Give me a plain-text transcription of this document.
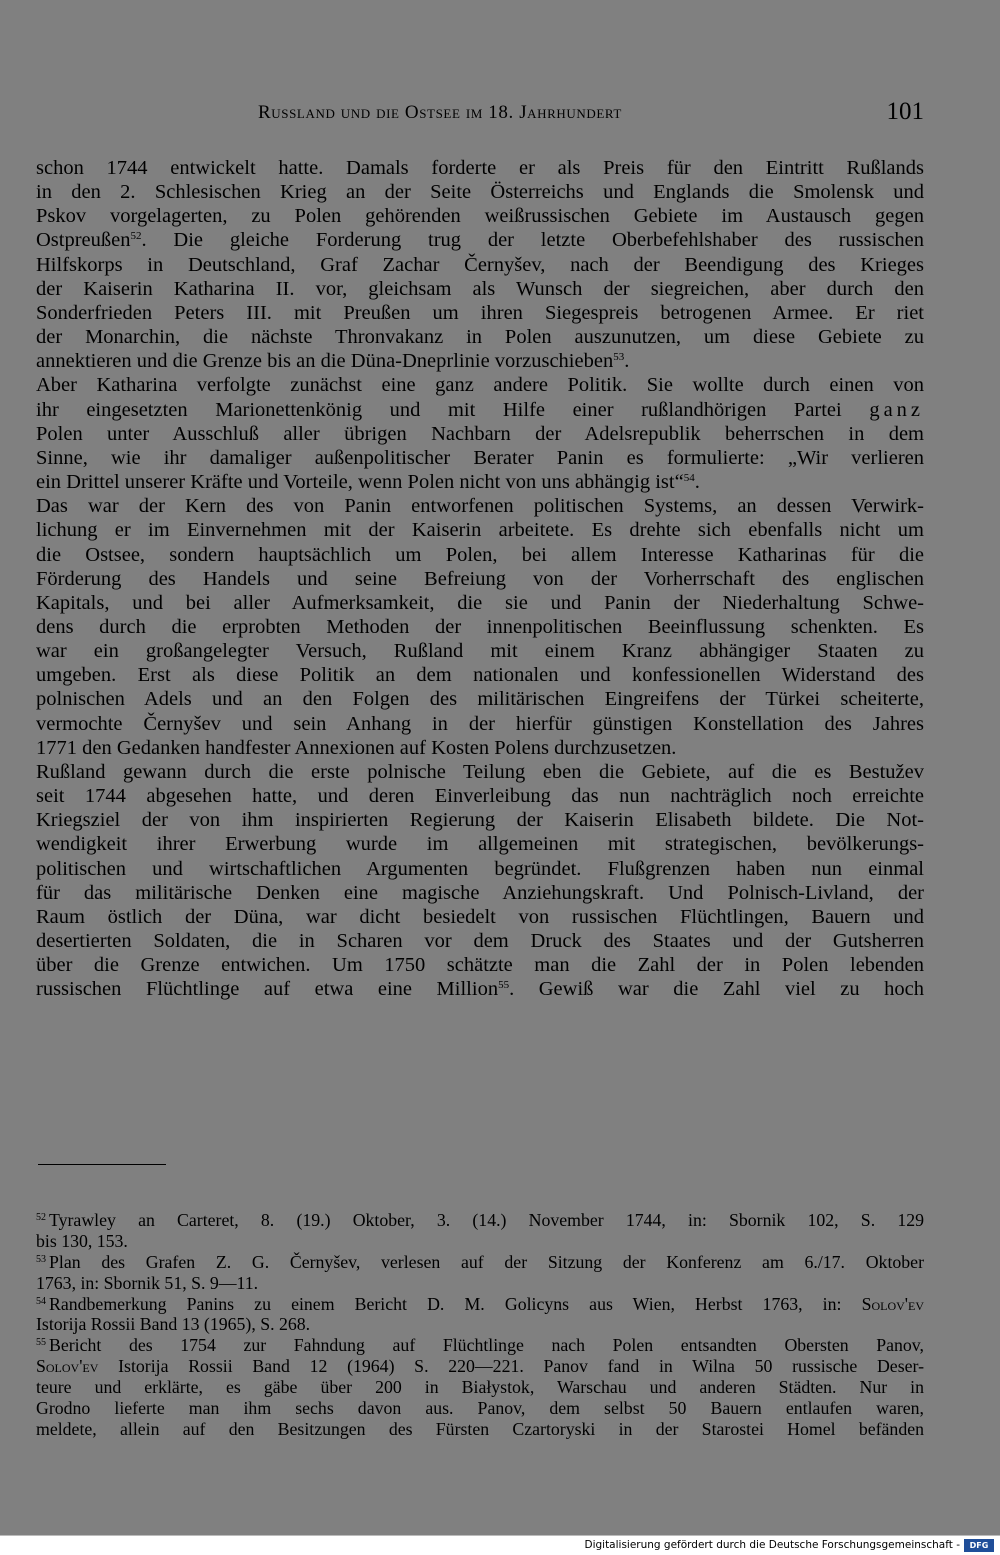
Russland und die Ostsee im 18. Jahrhundert	101
schon 1744 entwickelt hatte. Damals forderte er als Preis für den Eintritt Rußlands
in den 2. Schlesischen Krieg an der Seite Österreichs und Englands die Smolensk und
Pskov vorgelagerten, zu Polen gehörenden weißrussischen Gebiete im Austausch gegen
Ostpreußen$^{52}$. Die gleiche Forderung trug der letzte Oberbefehlshaber des russischen
Hilfskorps in Deutschland, Graf Zachar Černyšev, nach der Beendigung des Krieges
der Kaiserin Katharina II. vor, gleichsam als Wunsch der siegreichen, aber durch den
Sonderfrieden Peters III. mit Preußen um ihren Siegespreis betrogenen Armee. Er riet
der Monarchin, die nächste Thronvakanz in Polen auszunutzen, um diese Gebiete zu
annektieren und die Grenze bis an die Düna-Dneprlinie vorzuschieben$^{53}$.
Aber Katharina verfolgte zunächst eine ganz andere Politik. Sie wollte durch einen von
ihr eingesetzten Marionettenkönig und mit Hilfe einer rußlandhörigen Partei ganz
Polen unter Ausschluß aller übrigen Nachbarn der Adelsrepublik beherrschen in dem
Sinne, wie ihr damaliger außenpolitischer Berater Panin es formulierte: „Wir verlieren
ein Drittel unserer Kräfte und Vorteile, wenn Polen nicht von uns abhängig ist“$^{54}$.
Das war der Kern des von Panin entworfenen politischen Systems, an dessen Verwirk-
lichung er im Einvernehmen mit der Kaiserin arbeitete. Es drehte sich ebenfalls nicht um
die Ostsee, sondern hauptsächlich um Polen, bei allem Interesse Katharinas für die
Förderung des Handels und seine Befreiung von der Vorherrschaft des englischen
Kapitals, und bei aller Aufmerksamkeit, die sie und Panin der Niederhaltung Schwe-
dens durch die erprobten Methoden der innenpolitischen Beeinflussung schenkten. Es
war ein großangelegter Versuch, Rußland mit einem Kranz abhängiger Staaten zu
umgeben. Erst als diese Politik an dem nationalen und konfessionellen Widerstand des
polnischen Adels und an den Folgen des militärischen Eingreifens der Türkei scheiterte,
vermochte Černyšev und sein Anhang in der hierfür günstigen Konstellation des Jahres
1771 den Gedanken handfester Annexionen auf Kosten Polens durchzusetzen.
Rußland gewann durch die erste polnische Teilung eben die Gebiete, auf die es Bestužev
seit 1744 abgesehen hatte, und deren Einverleibung das nun nachträglich noch erreichte
Kriegsziel der von ihm inspirierten Regierung der Kaiserin Elisabeth bildete. Die Not-
wendigkeit ihrer Erwerbung wurde im allgemeinen mit strategischen, bevölkerungs-
politischen und wirtschaftlichen Argumenten begründet. Flußgrenzen haben nun einmal
für das militärische Denken eine magische Anziehungskraft. Und Polnisch-Livland, der
Raum östlich der Düna, war dicht besiedelt von russischen Flüchtlingen, Bauern und
desertierten Soldaten, die in Scharen vor dem Druck des Staates und der Gutsherren
über die Grenze entwichen. Um 1750 schätzte man die Zahl der in Polen lebenden
russischen Flüchtlinge auf etwa eine Million$^{55}$. Gewiß war die Zahl viel zu hoch
$^{52}$ Tyrawley an Carteret, 8. (19.) Oktober, 3. (14.) November 1744, in: Sbornik 102, S. 129
bis 130, 153.
$^{53}$ Plan des Grafen Z. G. Černyšev, verlesen auf der Sitzung der Konferenz am 6./17. Oktober
1763, in: Sbornik 51, S. 9—11.
$^{54}$ Randbemerkung Panins zu einem Bericht D. M. Golicyns aus Wien, Herbst 1763, in: Solov'ev
Istorija Rossii Band 13 (1965), S. 268.
$^{55}$ Bericht des 1754 zur Fahndung auf Flüchtlinge nach Polen entsandten Obersten Panov,
Solov'ev Istorija Rossii Band 12 (1964) S. 220—221. Panov fand in Wilna 50 russische Deser-
teure und erklärte, es gäbe über 200 in Białystok, Warschau und anderen Städten. Nur in
Grodno lieferte man ihm sechs davon aus. Panov, dem selbst 50 Bauern entlaufen waren,
meldete, allein auf den Besitzungen des Fürsten Czartoryski in der Starostei Homel befänden
Digitalisierung gefördert durch die Deutsche Forschungsgemeinschaft -	DFG
